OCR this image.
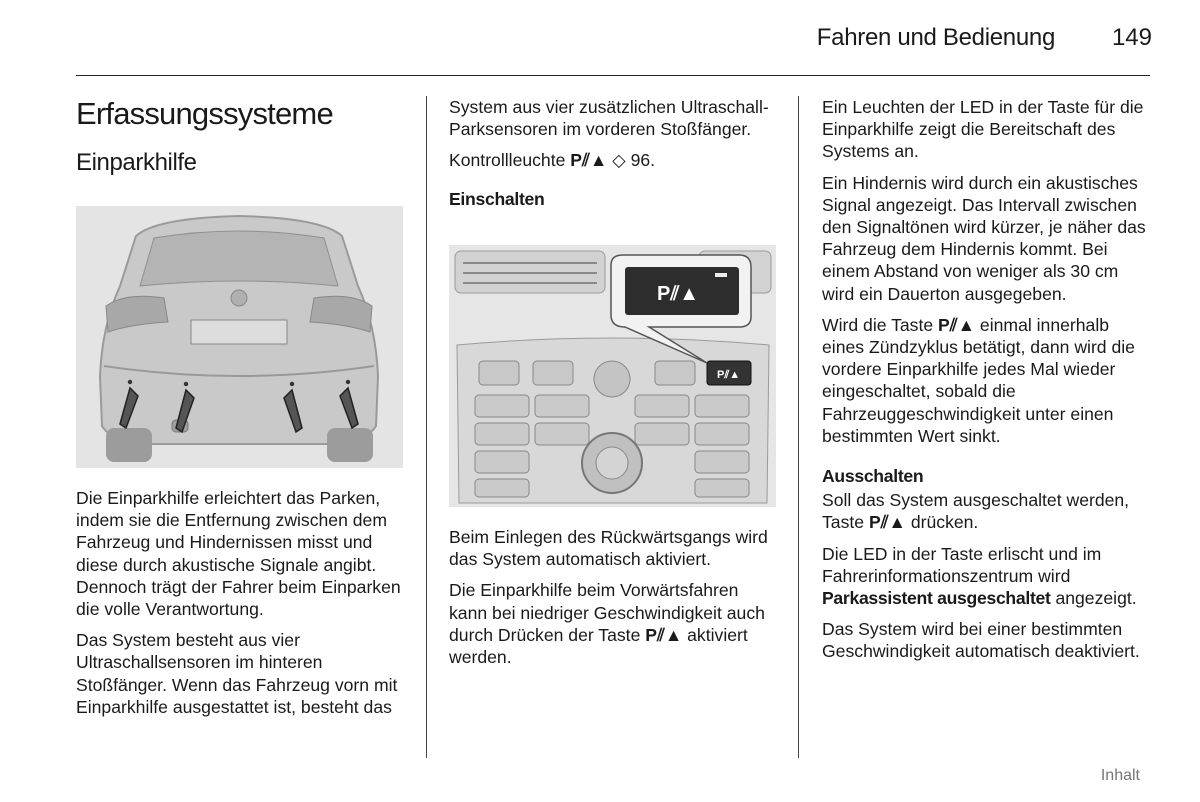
Fahren und Bedienung 149
Erfassungssysteme
Einparkhilfe

Die Einparkhilfe erleichtert das Parken, indem sie die Entfernung zwischen dem Fahrzeug und Hindernissen misst und diese durch akustische Signale angibt. Dennoch trägt der Fahrer beim Einparken die volle Verantwortung.

Das System besteht aus vier Ultraschallsensoren im hinteren Stoßfänger. Wenn das Fahrzeug vorn mit Einparkhilfe ausgestattet ist, besteht das

System aus vier zusätzlichen Ultraschall-Parksensoren im vorderen Stoßfänger.

Kontrollleuchte P⫽▲ ◇ 96.

Einschalten

P⫽▲
P⫽▲

Beim Einlegen des Rückwärtsgangs wird das System automatisch aktiviert.

Die Einparkhilfe beim Vorwärtsfahren kann bei niedriger Geschwindigkeit auch durch Drücken der Taste P⫽▲ aktiviert werden.

Ein Leuchten der LED in der Taste für die Einparkhilfe zeigt die Bereitschaft des Systems an.

Ein Hindernis wird durch ein akustisches Signal angezeigt. Das Intervall zwischen den Signaltönen wird kürzer, je näher das Fahrzeug dem Hindernis kommt. Bei einem Abstand von weniger als 30 cm wird ein Dauerton ausgegeben.

Wird die Taste P⫽▲ einmal innerhalb eines Zündzyklus betätigt, dann wird die vordere Einparkhilfe jedes Mal wieder eingeschaltet, sobald die Fahrzeuggeschwindigkeit unter einen bestimmten Wert sinkt.

Ausschalten

Soll das System ausgeschaltet werden, Taste P⫽▲ drücken.

Die LED in der Taste erlischt und im Fahrerinformationszentrum wird Parkassistent ausgeschaltet angezeigt.

Das System wird bei einer bestimmten Geschwindigkeit automatisch deaktiviert.

Inhalt
